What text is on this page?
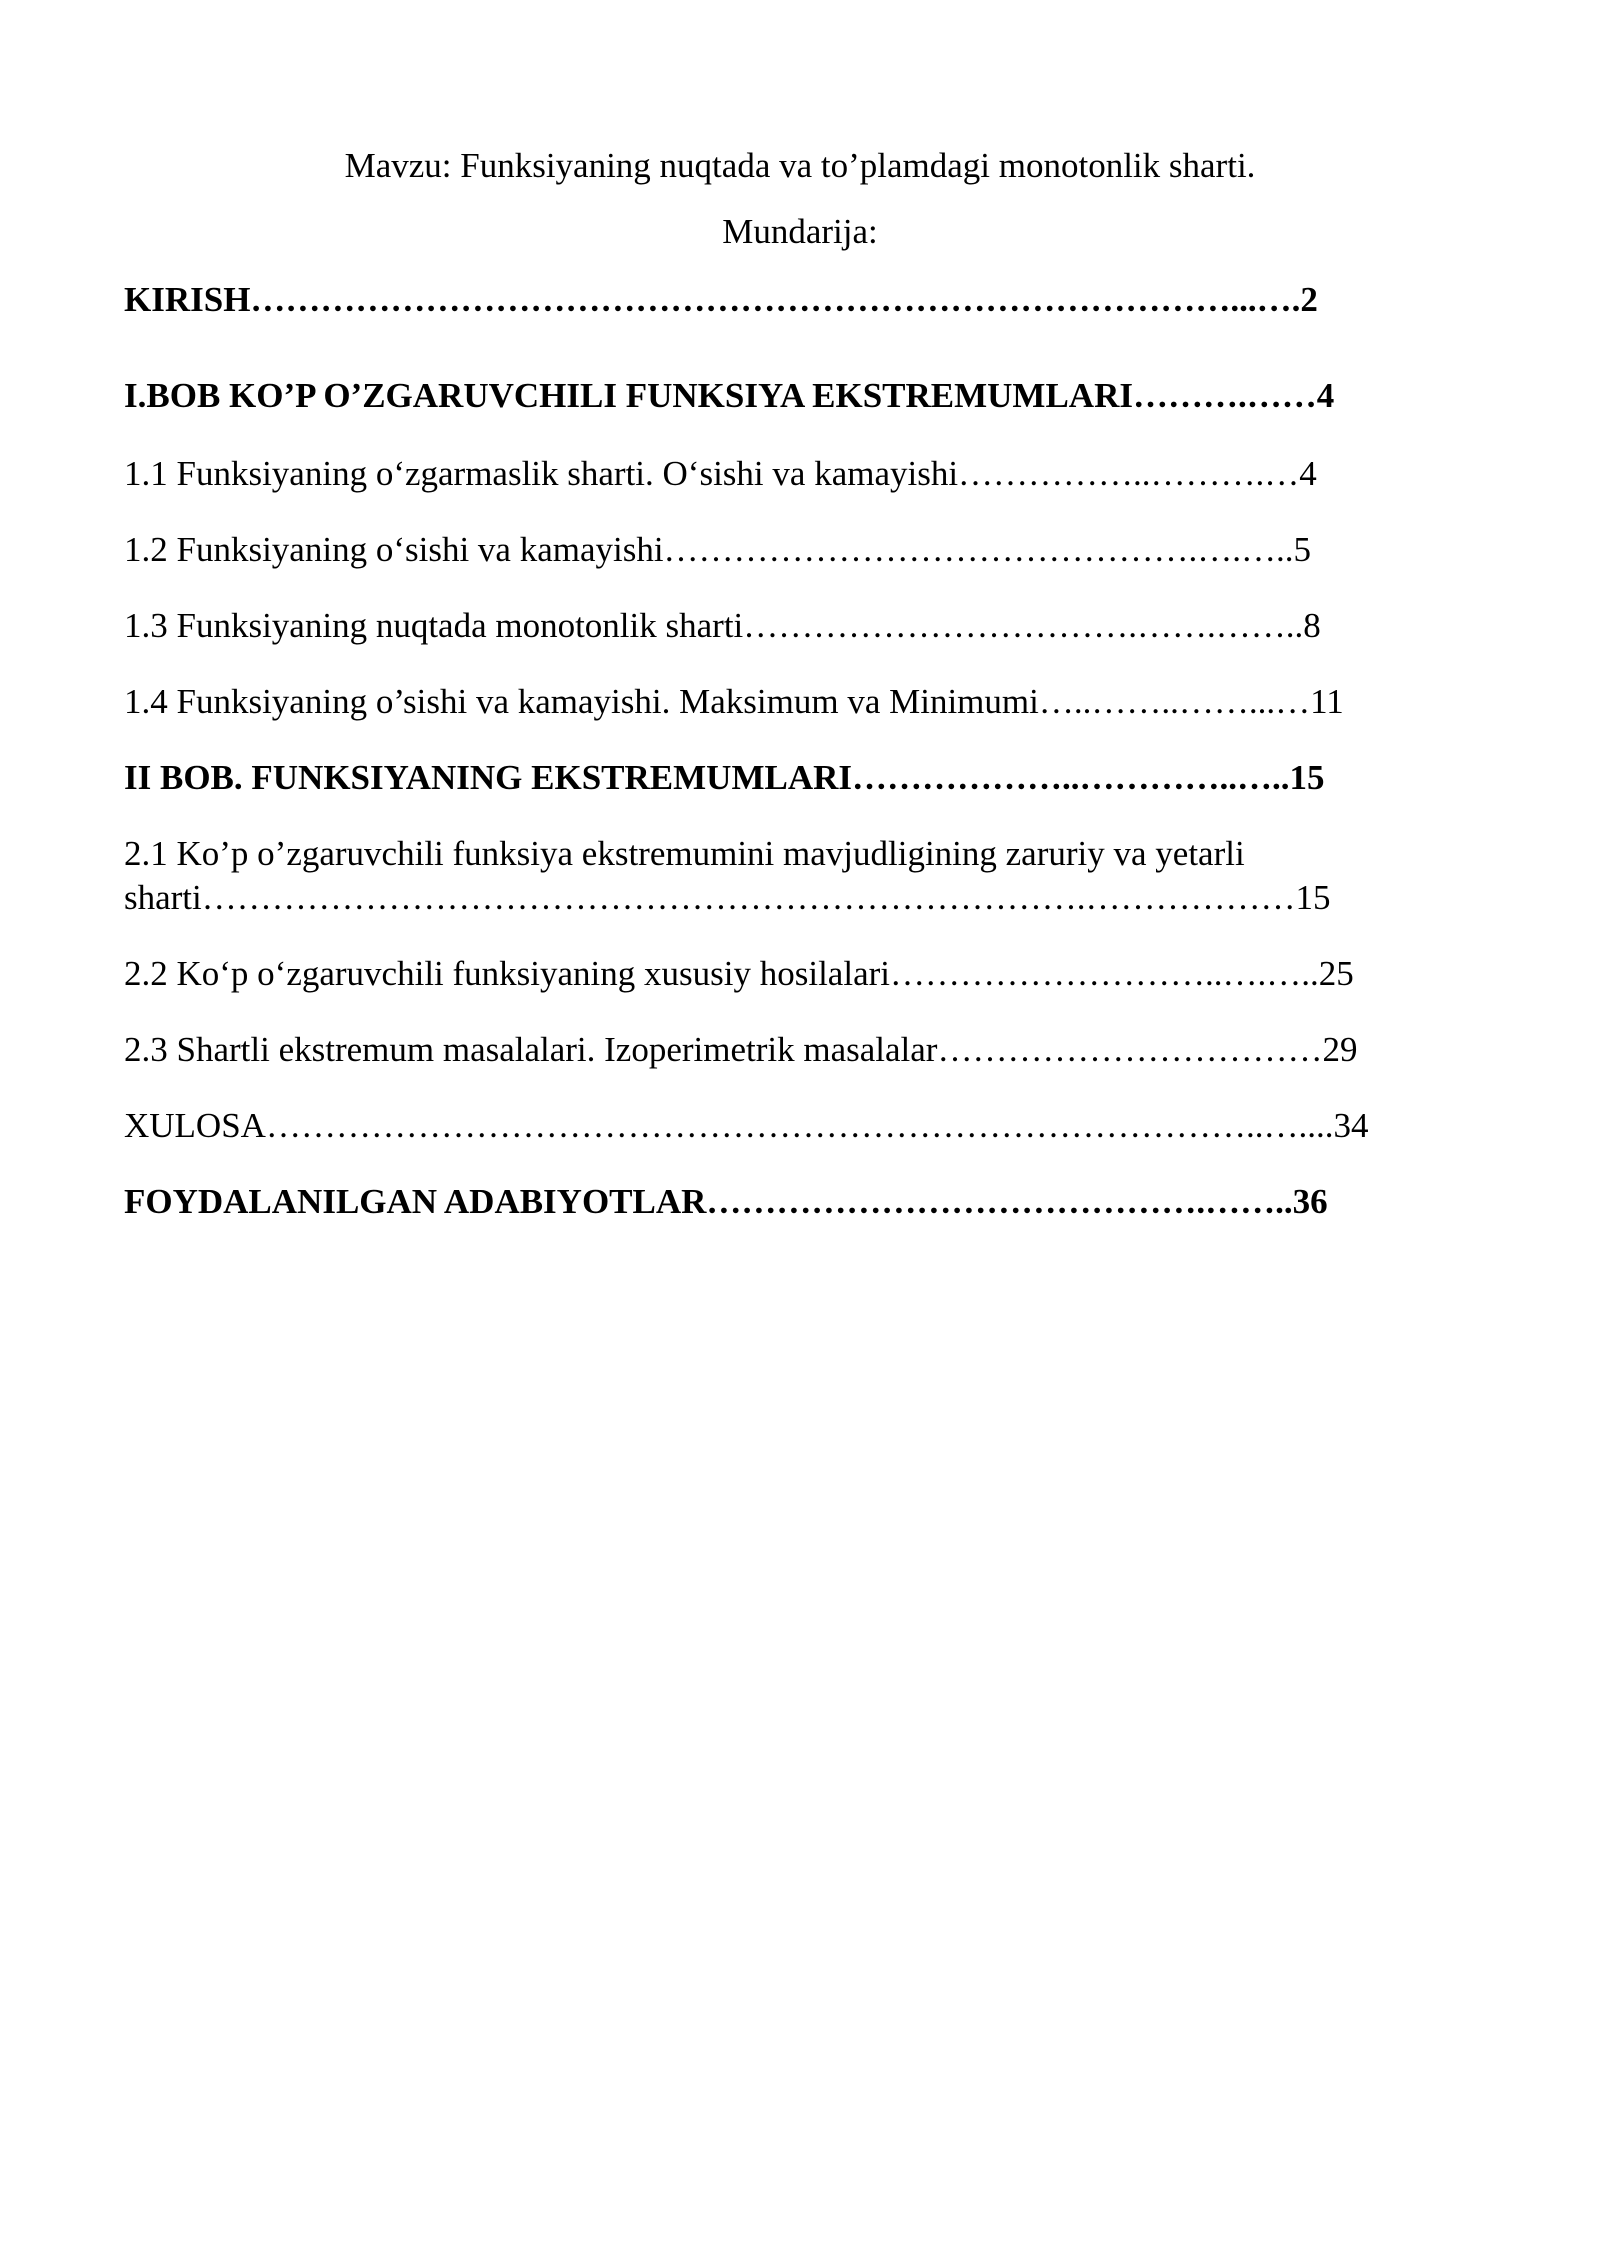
Mavzu: Funksiyaning nuqtada va to’plamdagi monotonlik sharti.
Mundarija:
KIRISH…………………………………………………………………………...….2
I.BOB KO’P O’ZGARUVCHILI FUNKSIYA EKSTREMUMLARI……….……4
1.1 Funksiyaning o‘zgarmaslik sharti. O‘sishi va kamayishi……………..……….…4
1.2 Funksiyaning o‘sishi va kamayishi……………………………………….….…..5
1.3 Funksiyaning nuqtada monotonlik sharti…………………………….…….……..8
1.4 Funksiyaning o’sishi va kamayishi. Maksimum va Minimumi…..……..……...…11
II BOB. FUNKSIYANING EKSTREMUMLARI………………..…………..…..15
2.1 Ko’p o’zgaruvchili funksiya ekstremumini mavjudligining zaruriy va yetarli
sharti………………………………………………………………….………………15
2.2 Ko‘p o‘zgaruvchili funksiyaning xususiy hosilalari………………………..….…..25
2.3 Shartli ekstremum masalalari. Izoperimetrik masalalar……………………………29
XULOSA…………………………………………………………………………..…....34
FOYDALANILGAN ADABIYOTLAR…………………………………….……..36
